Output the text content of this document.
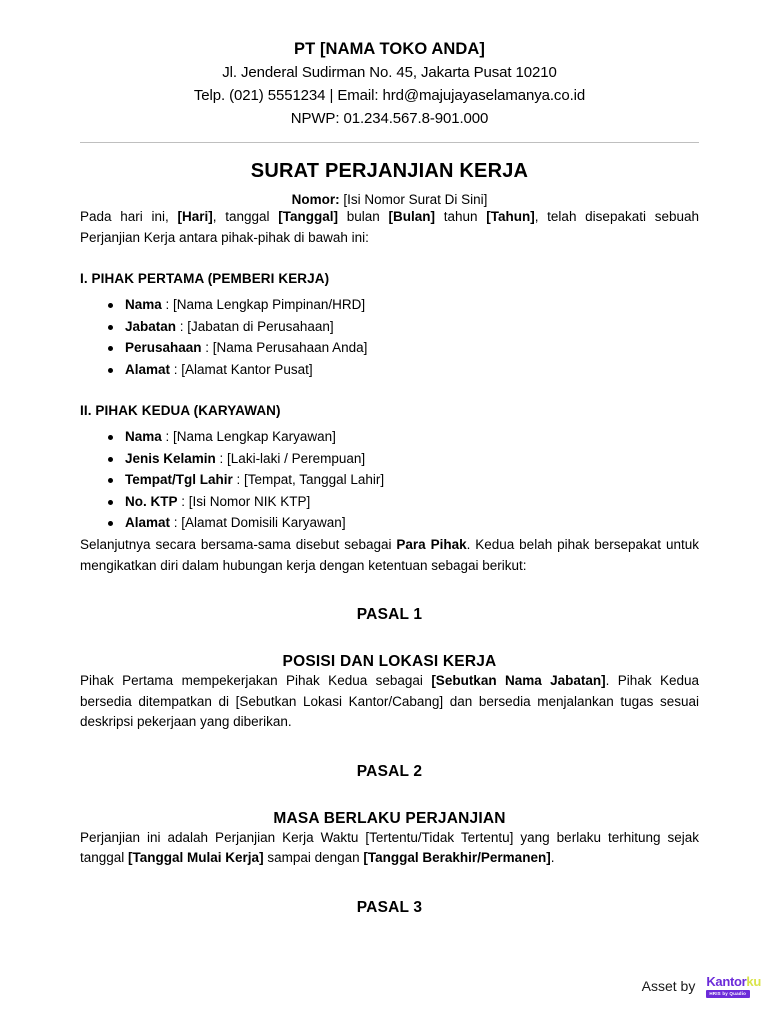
PT [NAMA TOKO ANDA]
Jl. Jenderal Sudirman No. 45, Jakarta Pusat 10210
Telp. (021) 5551234 | Email: hrd@majujayaselamanya.co.id
NPWP: 01.234.567.8-901.000
SURAT PERJANJIAN KERJA
Nomor: [Isi Nomor Surat Di Sini]

Pada hari ini, [Hari], tanggal [Tanggal] bulan [Bulan] tahun [Tahun], telah disepakati sebuah Perjanjian Kerja antara pihak-pihak di bawah ini:

I. PIHAK PERTAMA (PEMBERI KERJA)
Nama : [Nama Lengkap Pimpinan/HRD]
Jabatan : [Jabatan di Perusahaan]
Perusahaan : [Nama Perusahaan Anda]
Alamat : [Alamat Kantor Pusat]
II. PIHAK KEDUA (KARYAWAN)
Nama : [Nama Lengkap Karyawan]
Jenis Kelamin : [Laki-laki / Perempuan]
Tempat/Tgl Lahir : [Tempat, Tanggal Lahir]
No. KTP : [Isi Nomor NIK KTP]
Alamat : [Alamat Domisili Karyawan]

Selanjutnya secara bersama-sama disebut sebagai Para Pihak. Kedua belah pihak bersepakat untuk mengikatkan diri dalam hubungan kerja dengan ketentuan sebagai berikut:

PASAL 1
POSISI DAN LOKASI KERJA

Pihak Pertama mempekerjakan Pihak Kedua sebagai [Sebutkan Nama Jabatan]. Pihak Kedua bersedia ditempatkan di [Sebutkan Lokasi Kantor/Cabang] dan bersedia menjalankan tugas sesuai deskripsi pekerjaan yang diberikan.

PASAL 2
MASA BERLAKU PERJANJIAN

Perjanjian ini adalah Perjanjian Kerja Waktu [Tertentu/Tidak Tertentu] yang berlaku terhitung sejak tanggal [Tanggal Mulai Kerja] sampai dengan [Tanggal Berakhir/Permanen].

PASAL 3
Asset by Kantorku
HRIS by Quadio
